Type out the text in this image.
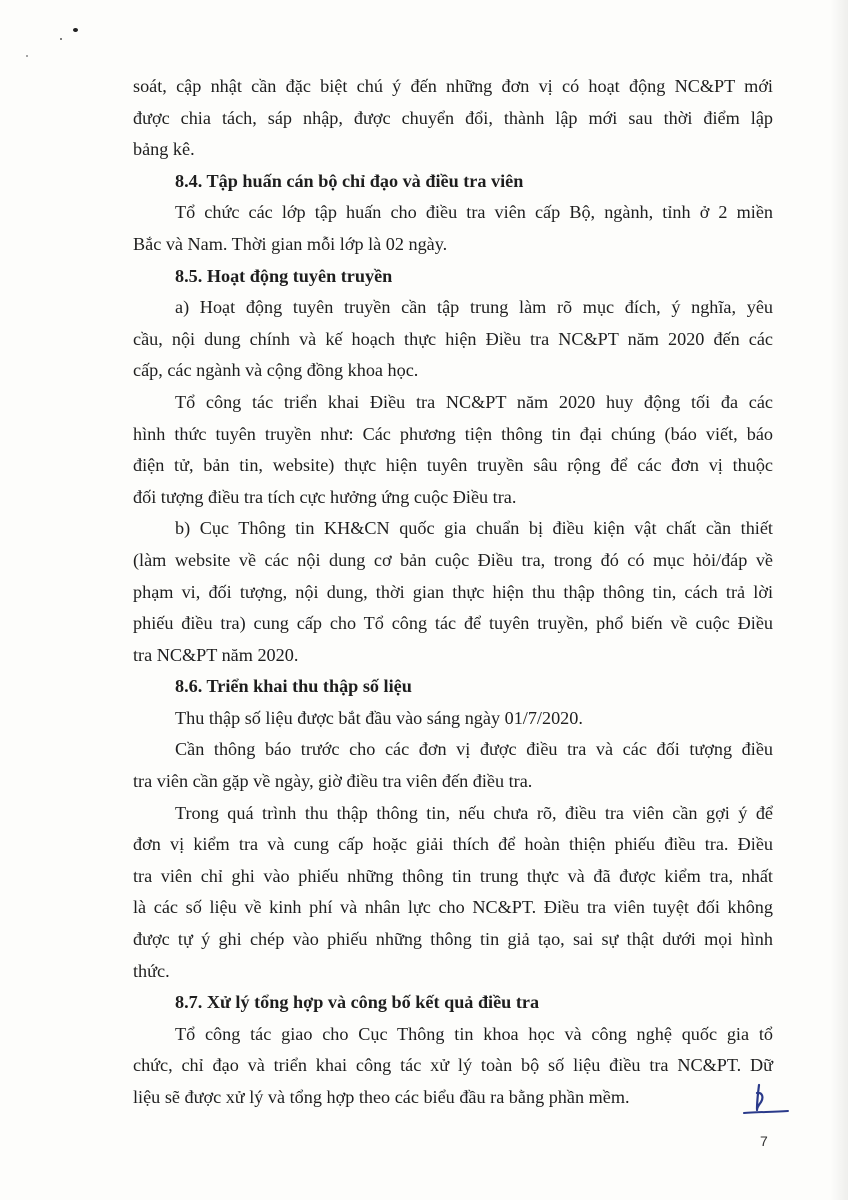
soát, cập nhật cần đặc biệt chú ý đến những đơn vị có hoạt động NC&PT mới
được chia tách, sáp nhập, được chuyển đổi, thành lập mới sau thời điểm lập
bảng kê.
8.4. Tập huấn cán bộ chỉ đạo và điều tra viên
Tổ chức các lớp tập huấn cho điều tra viên cấp Bộ, ngành, tỉnh ở 2 miền
Bắc và Nam. Thời gian mỗi lớp là 02 ngày.
8.5. Hoạt động tuyên truyền
a) Hoạt động tuyên truyền cần tập trung làm rõ mục đích, ý nghĩa, yêu
cầu, nội dung chính và kế hoạch thực hiện Điều tra NC&PT năm 2020 đến các
cấp, các ngành và cộng đồng khoa học.
Tổ công tác triển khai Điều tra NC&PT năm 2020 huy động tối đa các
hình thức tuyên truyền như: Các phương tiện thông tin đại chúng (báo viết, báo
điện tử, bản tin, website) thực hiện tuyên truyền sâu rộng để các đơn vị thuộc
đối tượng điều tra tích cực hưởng ứng cuộc Điều tra.
b) Cục Thông tin KH&CN quốc gia chuẩn bị điều kiện vật chất cần thiết
(làm website về các nội dung cơ bản cuộc Điều tra, trong đó có mục hỏi/đáp về
phạm vi, đối tượng, nội dung, thời gian thực hiện thu thập thông tin, cách trả lời
phiếu điều tra) cung cấp cho Tổ công tác để tuyên truyền, phổ biến về cuộc Điều
tra NC&PT năm 2020.
8.6. Triển khai thu thập số liệu
Thu thập số liệu được bắt đầu vào sáng ngày 01/7/2020.
Cần thông báo trước cho các đơn vị được điều tra và các đối tượng điều
tra viên cần gặp về ngày, giờ điều tra viên đến điều tra.
Trong quá trình thu thập thông tin, nếu chưa rõ, điều tra viên cần gợi ý để
đơn vị kiểm tra và cung cấp hoặc giải thích để hoàn thiện phiếu điều tra. Điều
tra viên chỉ ghi vào phiếu những thông tin trung thực và đã được kiểm tra, nhất
là các số liệu về kinh phí và nhân lực cho NC&PT. Điều tra viên tuyệt đối không
được tự ý ghi chép vào phiếu những thông tin giả tạo, sai sự thật dưới mọi hình
thức.
8.7. Xử lý tổng hợp và công bố kết quả điều tra
Tổ công tác giao cho Cục Thông tin khoa học và công nghệ quốc gia tổ
chức, chỉ đạo và triển khai công tác xử lý toàn bộ số liệu điều tra NC&PT. Dữ
liệu sẽ được xử lý và tổng hợp theo các biểu đầu ra bằng phần mềm.
7
